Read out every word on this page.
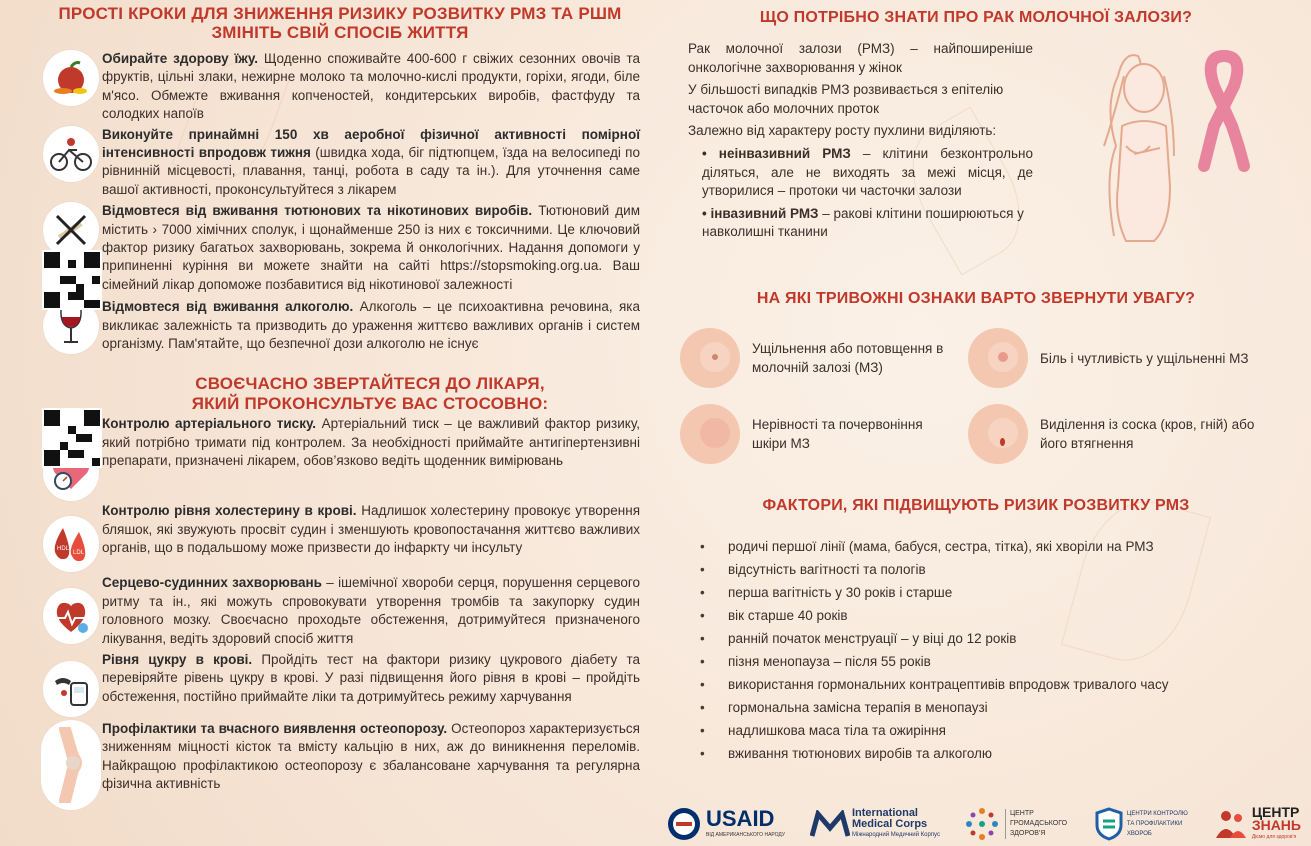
ПРОСТІ КРОКИ ДЛЯ ЗНИЖЕННЯ РИЗИКУ РОЗВИТКУ РМЗ ТА РШМ
ЗМІНІТЬ СВІЙ СПОСІБ ЖИТТЯ
Обирайте здорову їжу. Щоденно споживайте 400-600 г свіжих сезонних овочів та фруктів, цільні злаки, нежирне молоко та молочно-кислі продукти, горіхи, ягоди, біле м'ясо. Обмежте вживання копченостей, кондитерських виробів, фастфуду та солодких напоїв
Виконуйте принаймні 150 хв аеробної фізичної активності помірної інтенсивності впродовж тижня (швидка хода, біг підтюпцем, їзда на велосипеді по рівнинній місцевості, плавання, танці, робота в саду та ін.). Для уточнення саме вашої активності, проконсультуйтеся з лікарем
Відмовтеся від вживання тютюнових та нікотинових виробів. Тютюновий дим містить › 7000 хімічних сполук, і щонайменше 250 із них є токсичними. Це ключовий фактор ризику багатьох захворювань, зокрема й онкологічних. Надання допомоги у припиненні куріння ви можете знайти на сайті https://stopsmoking.org.ua. Ваш сімейний лікар допоможе позбавитися від нікотинової залежності
Відмовтеся від вживання алкоголю. Алкоголь – це психоактивна речовина, яка викликає залежність та призводить до ураження життєво важливих органів і систем організму. Пам'ятайте, що безпечної дози алкоголю не існує
СВОЄЧАСНО ЗВЕРТАЙТЕСЯ ДО ЛІКАРЯ,
ЯКИЙ ПРОКОНСУЛЬТУЄ ВАС СТОСОВНО:
Контролю артеріального тиску. Артеріальний тиск – це важливий фактор ризику, який потрібно тримати під контролем. За необхідності приймайте антигіпертензивні препарати, призначені лікарем, обов’язково ведіть щоденник вимірювань
HDL
LDL
Контролю рівня холестерину в крові. Надлишок холестерину провокує утворення бляшок, які звужують просвіт судин і зменшують кровопостачання життєво важливих органів, що в подальшому може призвести до інфаркту чи інсульту
Серцево-судинних захворювань – ішемічної хвороби серця, порушення серцевого ритму та ін., які можуть спровокувати утворення тромбів та закупорку судин головного мозку. Своєчасно проходьте обстеження, дотримуйтеся призначеного лікування, ведіть здоровий спосіб життя
Рівня цукру в крові. Пройдіть тест на фактори ризику цукрового діабету та перевіряйте рівень цукру в крові. У разі підвищення його рівня в крові – пройдіть обстеження, постійно приймайте ліки та дотримуйтесь режиму харчування
Профілактики та вчасного виявлення остеопорозу. Остеопороз характеризується зниженням міцності кісток та вмісту кальцію в них, аж до виникнення переломів. Найкращою профілактикою остеопорозу є збалансоване харчування та регулярна фізична активність
ЩО ПОТРІБНО ЗНАТИ ПРО РАК МОЛОЧНОЇ ЗАЛОЗИ?
Рак молочної залози (РМЗ) – найпоширеніше онкологічне захворювання у жінок
У більшості випадків РМЗ розвивається з епітелію часточок або молочних проток
Залежно від характеру росту пухлини виділяють:
• неінвазивний РМЗ – клітини безконтрольно діляться, але не виходять за межі місця, де утворилися – протоки чи часточки залози
• інвазивний РМЗ – ракові клітини поширюються у навколишні тканини
НА ЯКІ ТРИВОЖНІ ОЗНАКИ ВАРТО ЗВЕРНУТИ УВАГУ?
Ущільнення або потовщення в молочній залозі (МЗ)
Біль і чутливість у ущільненні МЗ
Нерівності та почервоніння шкіри МЗ
Виділення із соска (кров, гній) або його втягнення
ФАКТОРИ, ЯКІ ПІДВИЩУЮТЬ РИЗИК РОЗВИТКУ РМЗ
• родичі першої лінії (мама, бабуся, сестра, тітка), які хворіли на РМЗ
• відсутність вагітності та пологів
• перша вагітність у 30 років і старше
• вік старше 40 років
• ранній початок менструації – у віці до 12 років
• пізня менопауза – після 55 років
• використання гормональних контрацептивів впродовж тривалого часу
• гормональна замісна терапія в менопаузі
• надлишкова маса тіла та ожиріння
• вживання тютюнових виробів та алкоголю
USAID
ВІД АМЕРИКАНСЬКОГО НАРОДУ
International Medical Corps
Міжнародний Медичний Корпус
ЦЕНТР ГРОМАДСЬКОГО ЗДОРОВ'Я
ЦЕНТРИ КОНТРОЛЮ ТА ПРОФІЛАКТИКИ ХВОРОБ
ЦЕНТР
ЗНАНЬ
Діємо для здоров'я
